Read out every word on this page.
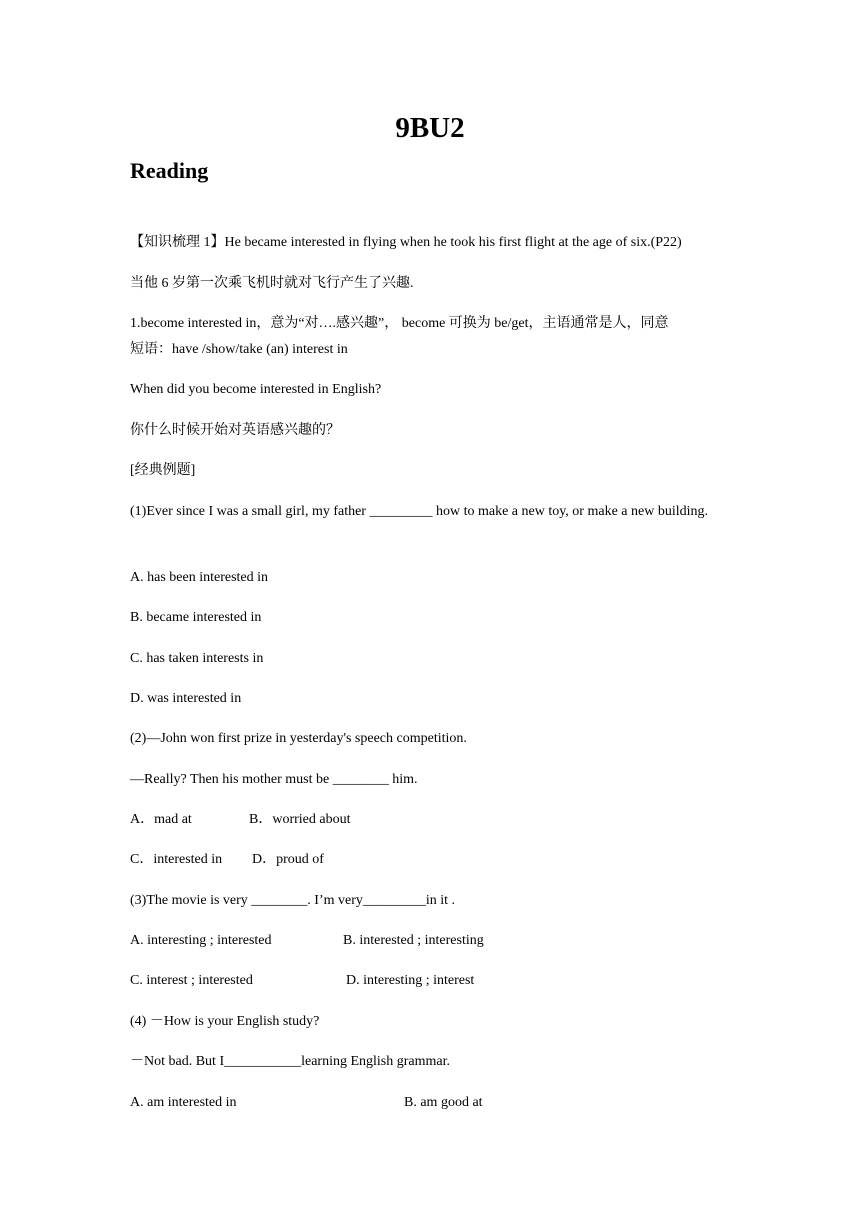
9BU2
Reading
【知识梳理 1】He became interested in flying when he took his first flight at the age of six.(P22)
当他 6 岁第一次乘飞机时就对飞行产生了兴趣.
1.become interested in，意为“对….感兴趣”， become 可换为 be/get，主语通常是人，同意
短语：have /show/take (an) interest in
When did you become interested in English?
你什么时候开始对英语感兴趣的？
[经典例题]
(1)Ever since I was a small girl, my father _________ how to make a new toy, or make a new building.
A. has been interested in
B. became interested in
C. has taken interests in
D. was interested in
(2)—John won first prize in yesterday's speech competition.
—Really? Then his mother must be ________ him.
A．mad at	B．worried about
C．interested in D．proud of
(3)The movie is very ________. I’m very_________in it .
A. interesting ; interested	B. interested ; interesting
C. interest ; interested	D. interesting ; interest
(4) －How is your English study?
－Not bad. But I___________learning English grammar.
A. am interested in	B. am good at
